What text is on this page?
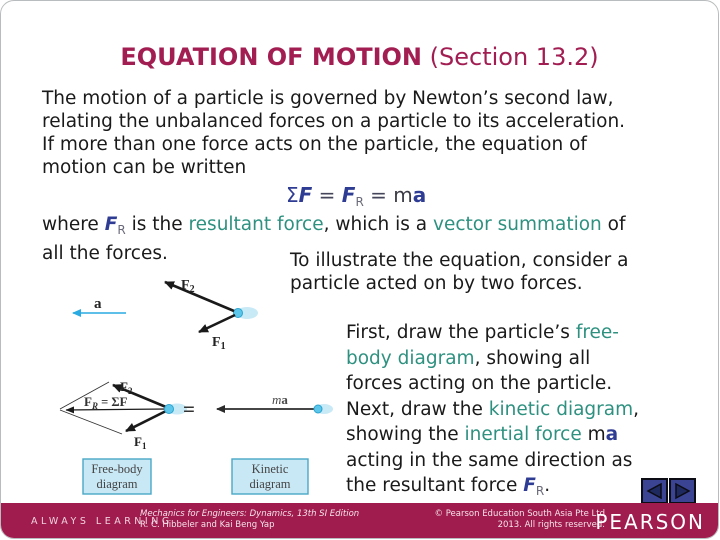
EQUATION OF MOTION (Section 13.2)
The motion of a particle is governed by Newton’s second law,
relating the unbalanced forces on a particle to its acceleration.
If more than one force acts on the particle, the equation of
motion can be written
$\Sigma F = F_R$ = ma
where $F_R$ is the resultant force, which is a vector summation of
all the forces.	To illustrate the equation, consider a
particle acted on by two forces.
First, draw the particle’s free-
body diagram, showing all
forces acting on the particle.
Next, draw the kinetic diagram,
showing the inertial force ma
acting in the same direction as
the resultant force $F_R$.
a
$F_2$
$F_1$
$F_2$
$F_1$
$F_R = \Sigma F$	=	ma
Free-body
diagram
Kinetic
diagram
ALWAYS LEARNING
Mechanics for Engineers: Dynamics, 13th SI Edition
R. C. Hibbeler and Kai Beng Yap
© Pearson Education South Asia Pte Ltd
2013. All rights reserved.
PEARSON
